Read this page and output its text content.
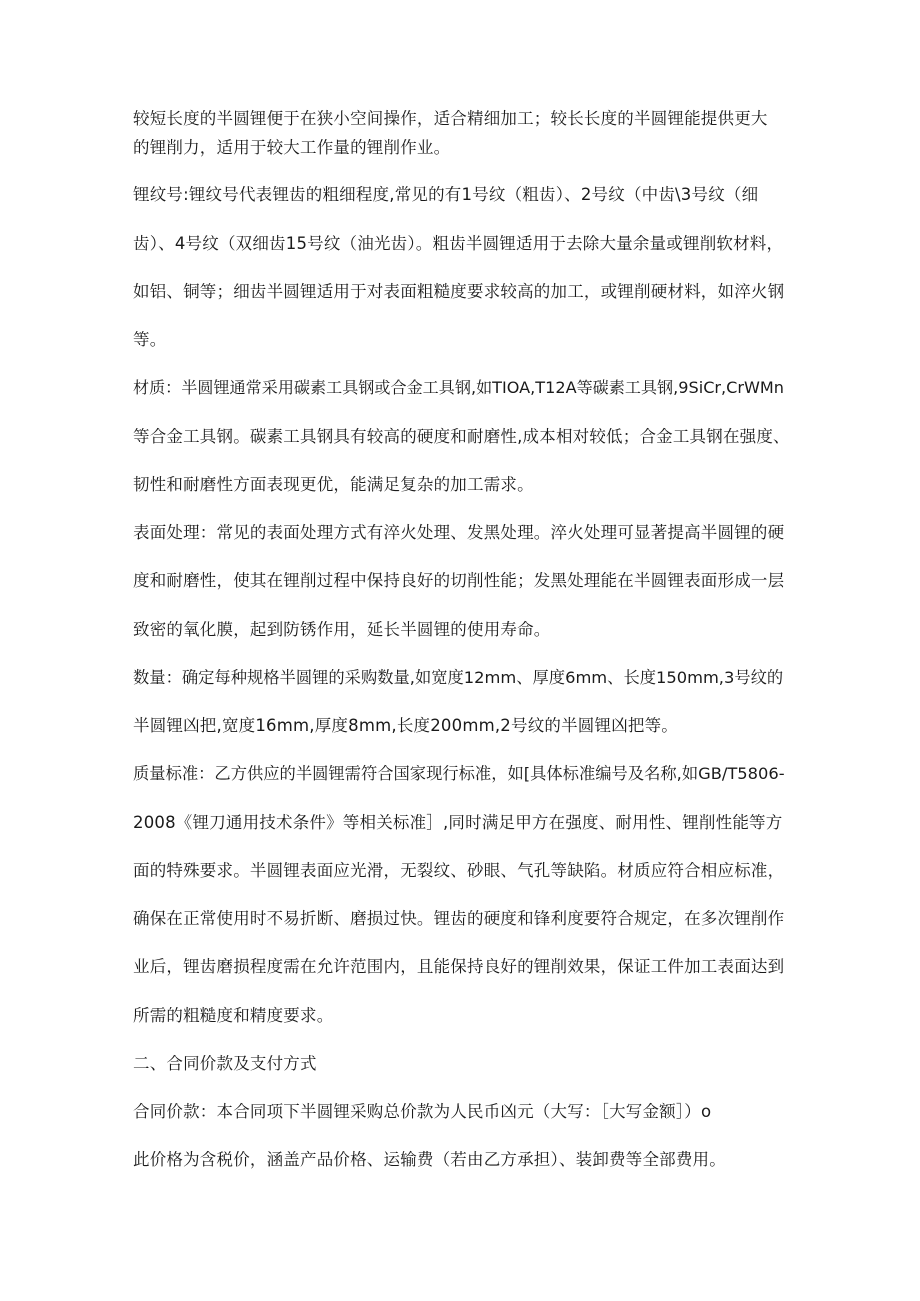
较短长度的半圆锂便于在狭小空间操作，适合精细加工；较长长度的半圆锂能提供更大
的锂削力，适用于较大工作量的锂削作业。
锂纹号:锂纹号代表锂齿的粗细程度,常见的有1号纹（粗齿）、2号纹（中齿\3号纹（细
齿）、4号纹（双细齿15号纹（油光齿）。粗齿半圆锂适用于去除大量余量或锂削软材料，
如铝、铜等；细齿半圆锂适用于对表面粗糙度要求较高的加工，或锂削硬材料，如淬火钢
等。
材质：半圆锂通常采用碳素工具钢或合金工具钢,如TIOA,T12A等碳素工具钢,9SiCr,CrWMn
等合金工具钢。碳素工具钢具有较高的硬度和耐磨性,成本相对较低；合金工具钢在强度、
韧性和耐磨性方面表现更优，能满足复杂的加工需求。
表面处理：常见的表面处理方式有淬火处理、发黑处理。淬火处理可显著提高半圆锂的硬
度和耐磨性，使其在锂削过程中保持良好的切削性能；发黑处理能在半圆锂表面形成一层
致密的氧化膜，起到防锈作用，延长半圆锂的使用寿命。
数量：确定每种规格半圆锂的采购数量,如宽度12mm、厚度6mm、长度150mm,3号纹的
半圆锂凶把,宽度16mm,厚度8mm,长度200mm,2号纹的半圆锂凶把等。
质量标准：乙方供应的半圆锂需符合国家现行标准，如[具体标准编号及名称,如GB/T5806-
2008《锂刀通用技术条件》等相关标准］,同时满足甲方在强度、耐用性、锂削性能等方
面的特殊要求。半圆锂表面应光滑，无裂纹、砂眼、气孔等缺陷。材质应符合相应标准，
确保在正常使用时不易折断、磨损过快。锂齿的硬度和锋利度要符合规定，在多次锂削作
业后，锂齿磨损程度需在允许范围内，且能保持良好的锂削效果，保证工件加工表面达到
所需的粗糙度和精度要求。
二、合同价款及支付方式
合同价款：本合同项下半圆锂采购总价款为人民币凶元（大写：［大写金额］）o
此价格为含税价，涵盖产品价格、运输费（若由乙方承担）、装卸费等全部费用。
